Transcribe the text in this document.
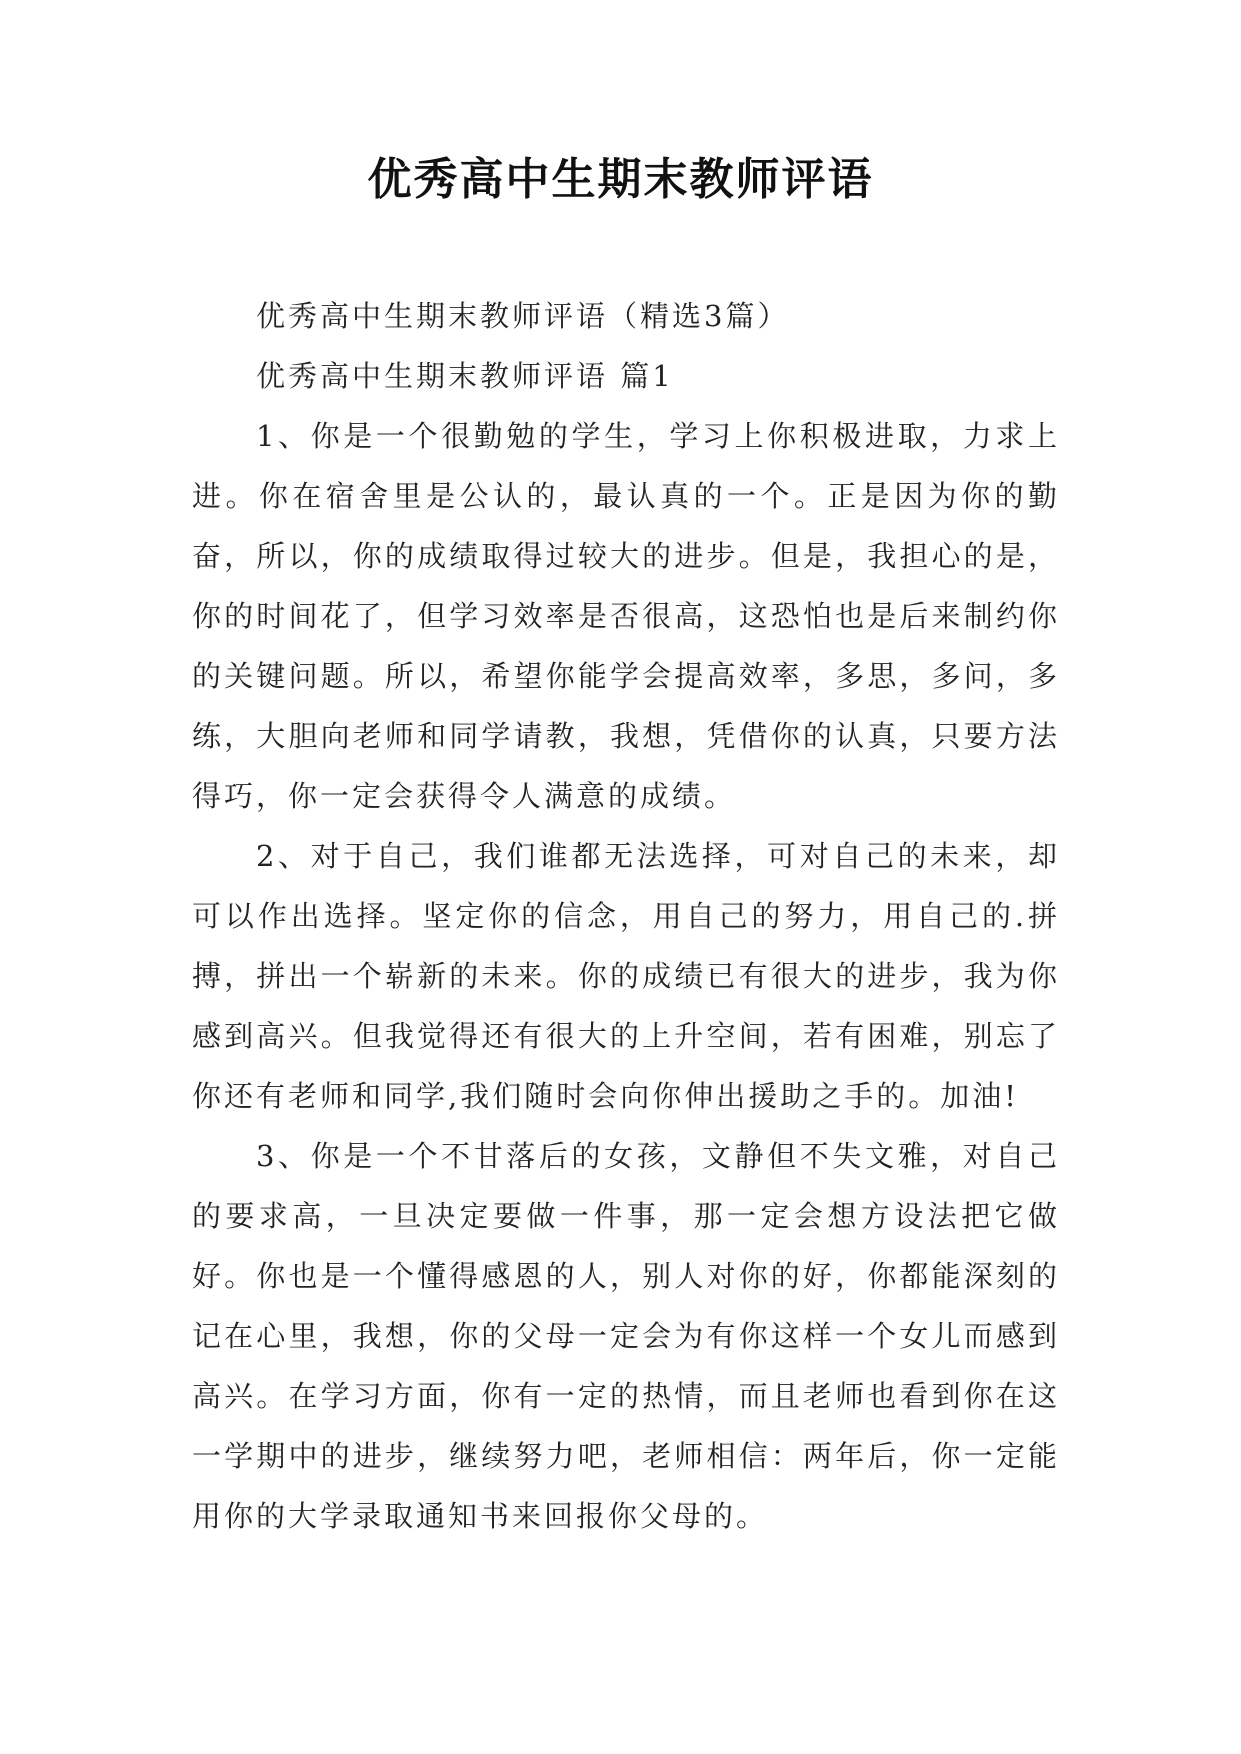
优秀高中生期末教师评语

优秀高中生期末教师评语（精选3篇）

优秀高中生期末教师评语 篇1

1、你是一个很勤勉的学生，学习上你积极进取，力求上进。你在宿舍里是公认的，最认真的一个。正是因为你的勤奋，所以，你的成绩取得过较大的进步。但是，我担心的是，你的时间花了，但学习效率是否很高，这恐怕也是后来制约你的关键问题。所以，希望你能学会提高效率，多思，多问，多练，大胆向老师和同学请教，我想，凭借你的认真，只要方法得巧，你一定会获得令人满意的成绩。

2、对于自己，我们谁都无法选择，可对自己的未来，却可以作出选择。坚定你的信念，用自己的努力，用自己的.拼搏，拼出一个崭新的未来。你的成绩已有很大的进步，我为你感到高兴。但我觉得还有很大的上升空间，若有困难，别忘了你还有老师和同学,我们随时会向你伸出援助之手的。加油!

3、你是一个不甘落后的女孩，文静但不失文雅，对自己的要求高，一旦决定要做一件事，那一定会想方设法把它做好。你也是一个懂得感恩的人，别人对你的好，你都能深刻的记在心里，我想，你的父母一定会为有你这样一个女儿而感到高兴。在学习方面，你有一定的热情，而且老师也看到你在这一学期中的进步，继续努力吧，老师相信：两年后，你一定能用你的大学录取通知书来回报你父母的。
